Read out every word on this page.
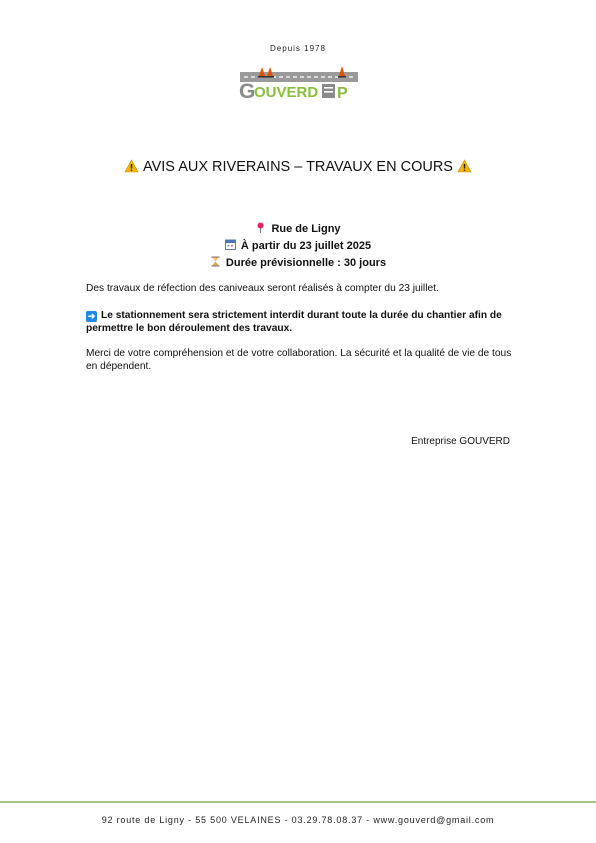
Depuis 1978
G
OUVERD P
AVIS AUX RIVERAINS – TRAVAUX EN COURS
Rue de Ligny
À partir du 23 juillet 2025
Durée prévisionnelle : 30 jours
Des travaux de réfection des caniveaux seront réalisés à compter du 23 juillet.
➜ Le stationnement sera strictement interdit durant toute la durée du chantier afin de permettre le bon déroulement des travaux.
Merci de votre compréhension et de votre collaboration. La sécurité et la qualité de vie de tous en dépendent.
Entreprise GOUVERD
92 route de Ligny - 55 500 VELAINES - 03.29.78.08.37 - www.gouverd@gmail.com
